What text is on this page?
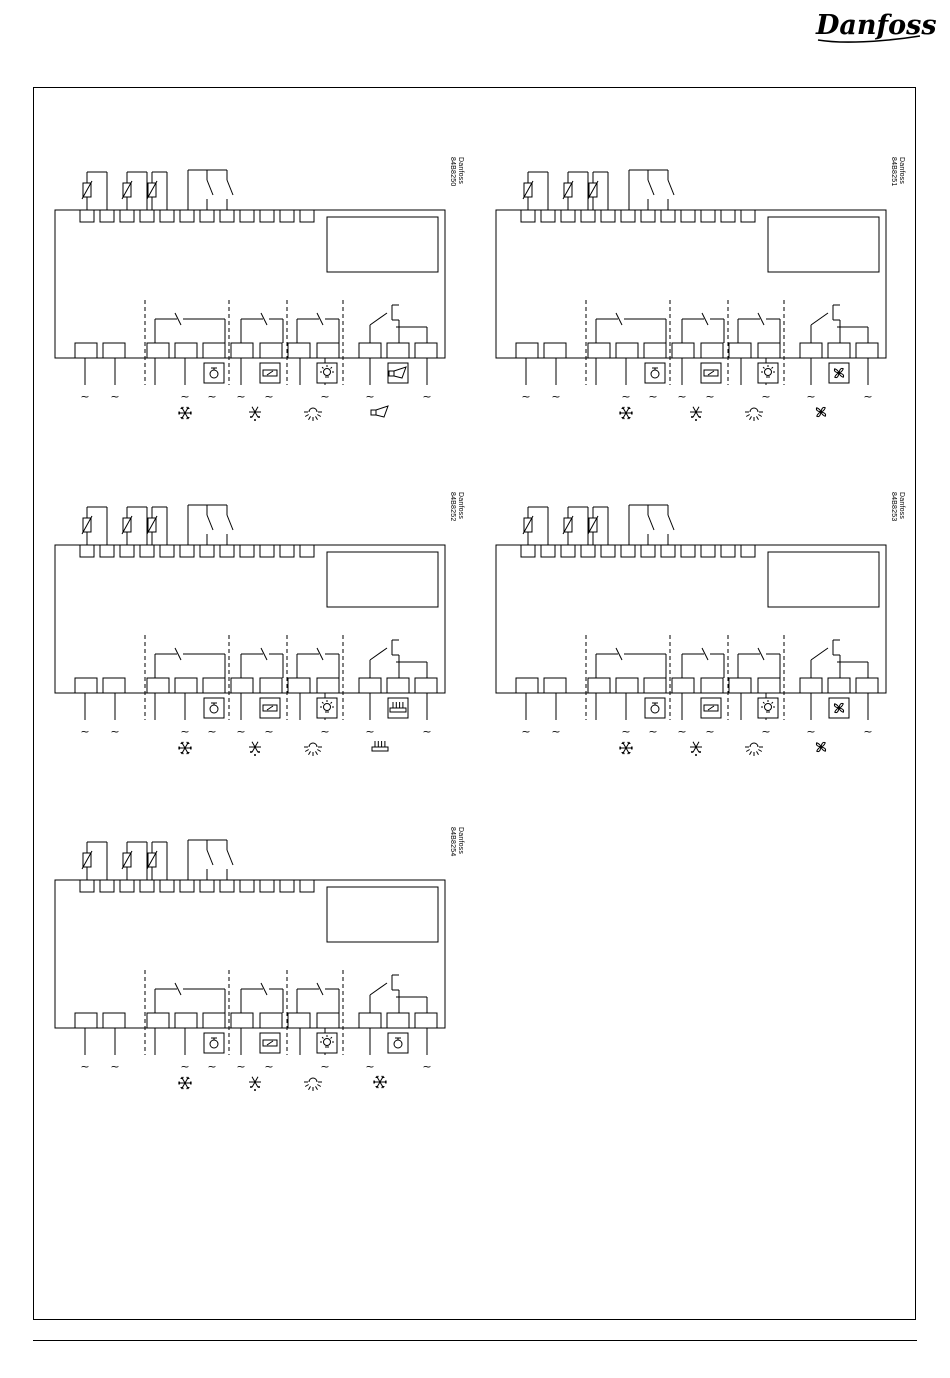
Danfoss
Danfoss
84B8250
~ ~	~ ~ ~ ~	~	~	~
Danfoss
84B8251
~ ~	~ ~ ~ ~	~	~	~
Danfoss
84B8252
~ ~	~ ~ ~ ~	~	~	~
Danfoss
84B8253
~ ~	~ ~ ~ ~	~	~	~
Danfoss
84B8254
~ ~	~ ~ ~ ~	~	~	~
